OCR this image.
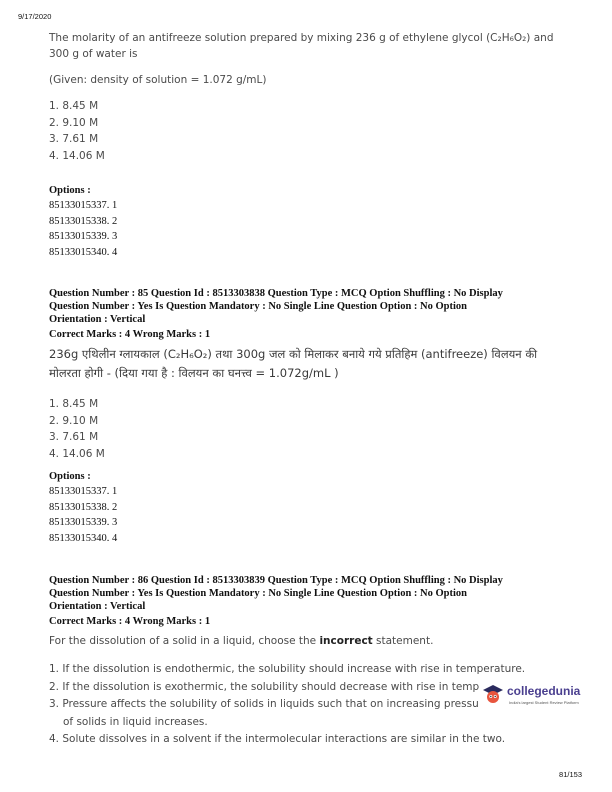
9/17/2020

The molarity of an antifreeze solution prepared by mixing 236 g of ethylene glycol (C₂H₆O₂) and 300 g of water is

(Given: density of solution = 1.072 g/mL)

1. 8.45 M
2. 9.10 M
3. 7.61 M
4. 14.06 M

Options :

85133015337. 1
85133015338. 2
85133015339. 3
85133015340. 4

Question Number : 85 Question Id : 8513303838 Question Type : MCQ Option Shuffling : No Display

Question Number : Yes Is Question Mandatory : No Single Line Question Option : No Option

Orientation : Vertical

Correct Marks : 4 Wrong Marks : 1

236g एथिलीन ग्लायकाल (C₂H₆O₂) तथा 300g जल को मिलाकर बनाये गये प्रतिहिम (antifreeze) विलयन की

मोलरता होगी - (दिया गया है : विलयन का घनत्त्व = 1.072g/mL )

1. 8.45 M
2. 9.10 M
3. 7.61 M
4. 14.06 M

Options :

85133015337. 1
85133015338. 2
85133015339. 3
85133015340. 4

Question Number : 86 Question Id : 8513303839 Question Type : MCQ Option Shuffling : No Display

Question Number : Yes Is Question Mandatory : No Single Line Question Option : No Option

Orientation : Vertical

Correct Marks : 4 Wrong Marks : 1

For the dissolution of a solid in a liquid, choose the incorrect statement.

1. If the dissolution is endothermic, the solubility should increase with rise in temperature.
2. If the dissolution is exothermic, the solubility should decrease with rise in temp
3. Pressure affects the solubility of solids in liquids such that on increasing pressu
of solids in liquid increases.
4. Solute dissolves in a solvent if the intermolecular interactions are similar in the two.
collegedunia
India's largest Student Review Platform
81/153
